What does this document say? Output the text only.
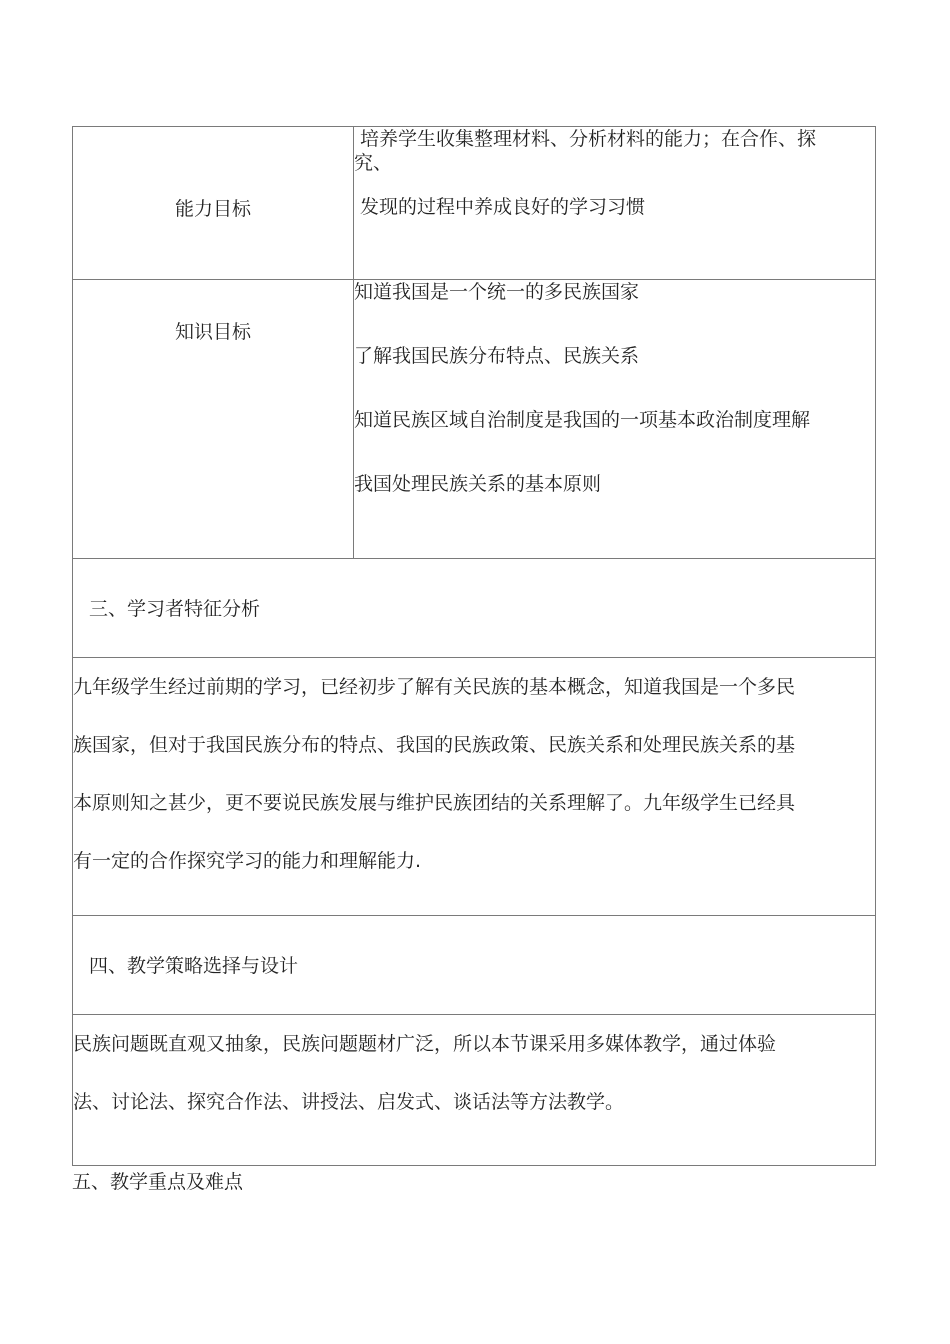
能力目标	培养学生收集整理材料、分析材料的能力；在合作、探
究、
发现的过程中养成良好的学习习惯

知识目标	知道我国是一个统一的多民族国家
了解我国民族分布特点、民族关系
知道民族区域自治制度是我国的一项基本政治制度理解
我国处理民族关系的基本原则

三、学习者特征分析	

九年级学生经过前期的学习，已经初步了解有关民族的基本概念，知道我国是一个多民
族国家，但对于我国民族分布的特点、我国的民族政策、民族关系和处理民族关系的基
本原则知之甚少，更不要说民族发展与维护民族团结的关系理解了。九年级学生已经具
有一定的合作探究学习的能力和理解能力.	

四、教学策略选择与设计	

民族问题既直观又抽象，民族问题题材广泛，所以本节课采用多媒体教学，通过体验
法、讨论法、探究合作法、讲授法、启发式、谈话法等方法教学。	
五、教学重点及难点
